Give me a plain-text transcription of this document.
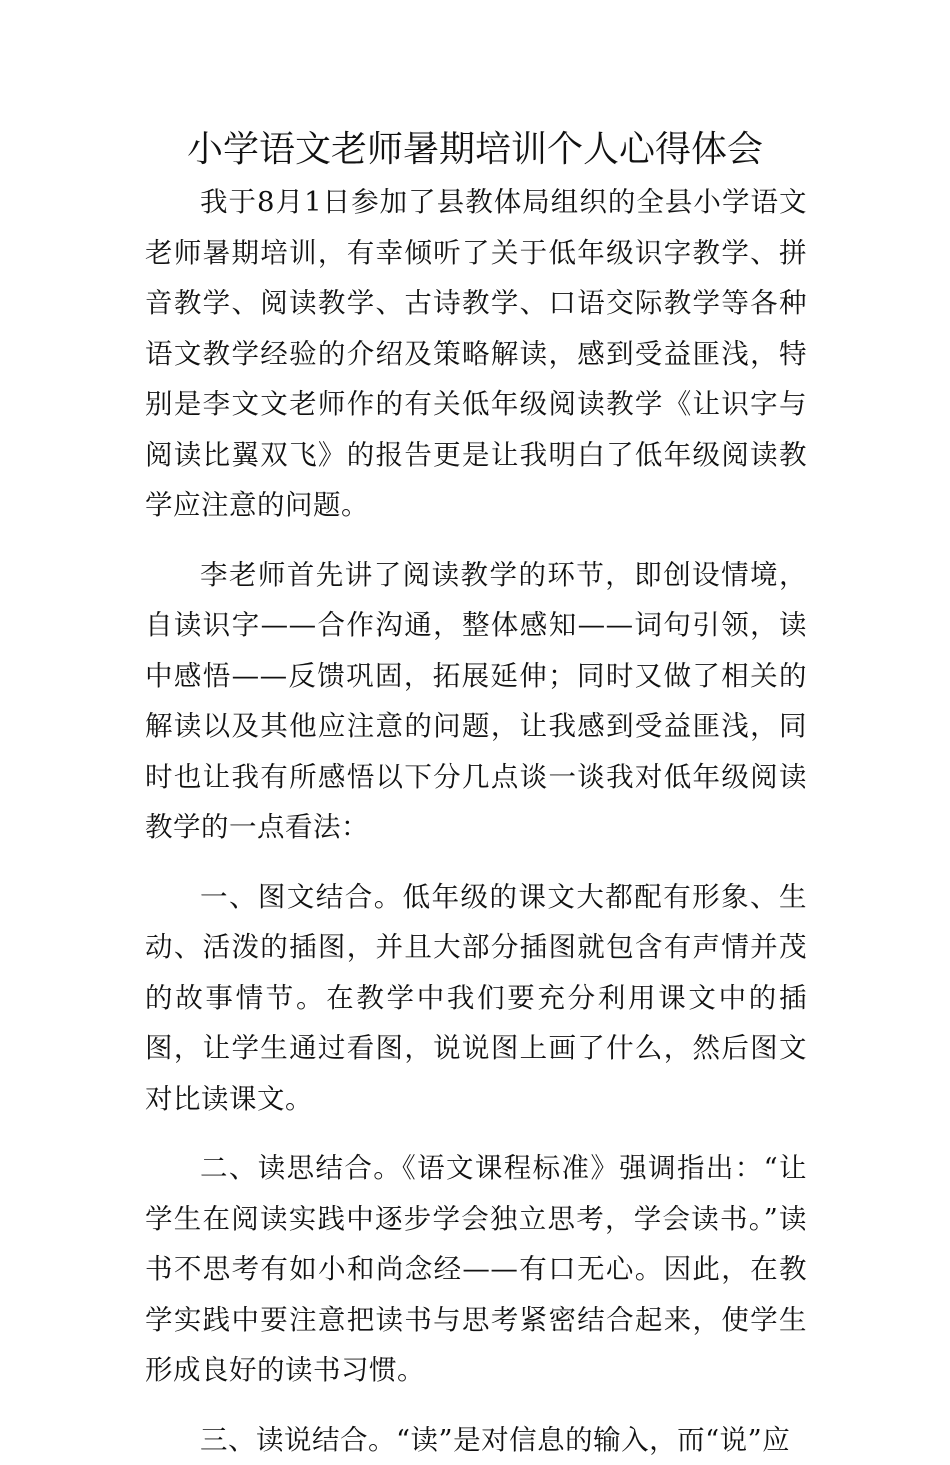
小学语文老师暑期培训个人心得体会

我于8月1日参加了县教体局组织的全县小学语文老师暑期培训，有幸倾听了关于低年级识字教学、拼音教学、阅读教学、古诗教学、口语交际教学等各种语文教学经验的介绍及策略解读，感到受益匪浅，特别是李文文老师作的有关低年级阅读教学《让识字与阅读比翼双飞》的报告更是让我明白了低年级阅读教学应注意的问题。

李老师首先讲了阅读教学的环节，即创设情境，自读识字——合作沟通，整体感知——词句引领，读中感悟——反馈巩固，拓展延伸；同时又做了相关的解读以及其他应注意的问题，让我感到受益匪浅，同时也让我有所感悟以下分几点谈一谈我对低年级阅读教学的一点看法：

一、图文结合。低年级的课文大都配有形象、生动、活泼的插图，并且大部分插图就包含有声情并茂的故事情节。在教学中我们要充分利用课文中的插图，让学生通过看图，说说图上画了什么，然后图文对比读课文。

二、读思结合。《语文课程标准》强调指出：“让学生在阅读实践中逐步学会独立思考，学会读书。”读书不思考有如小和尚念经——有口无心。因此，在教学实践中要注意把读书与思考紧密结合起来，使学生形成良好的读书习惯。

三、读说结合。“读”是对信息的输入，而“说”应
